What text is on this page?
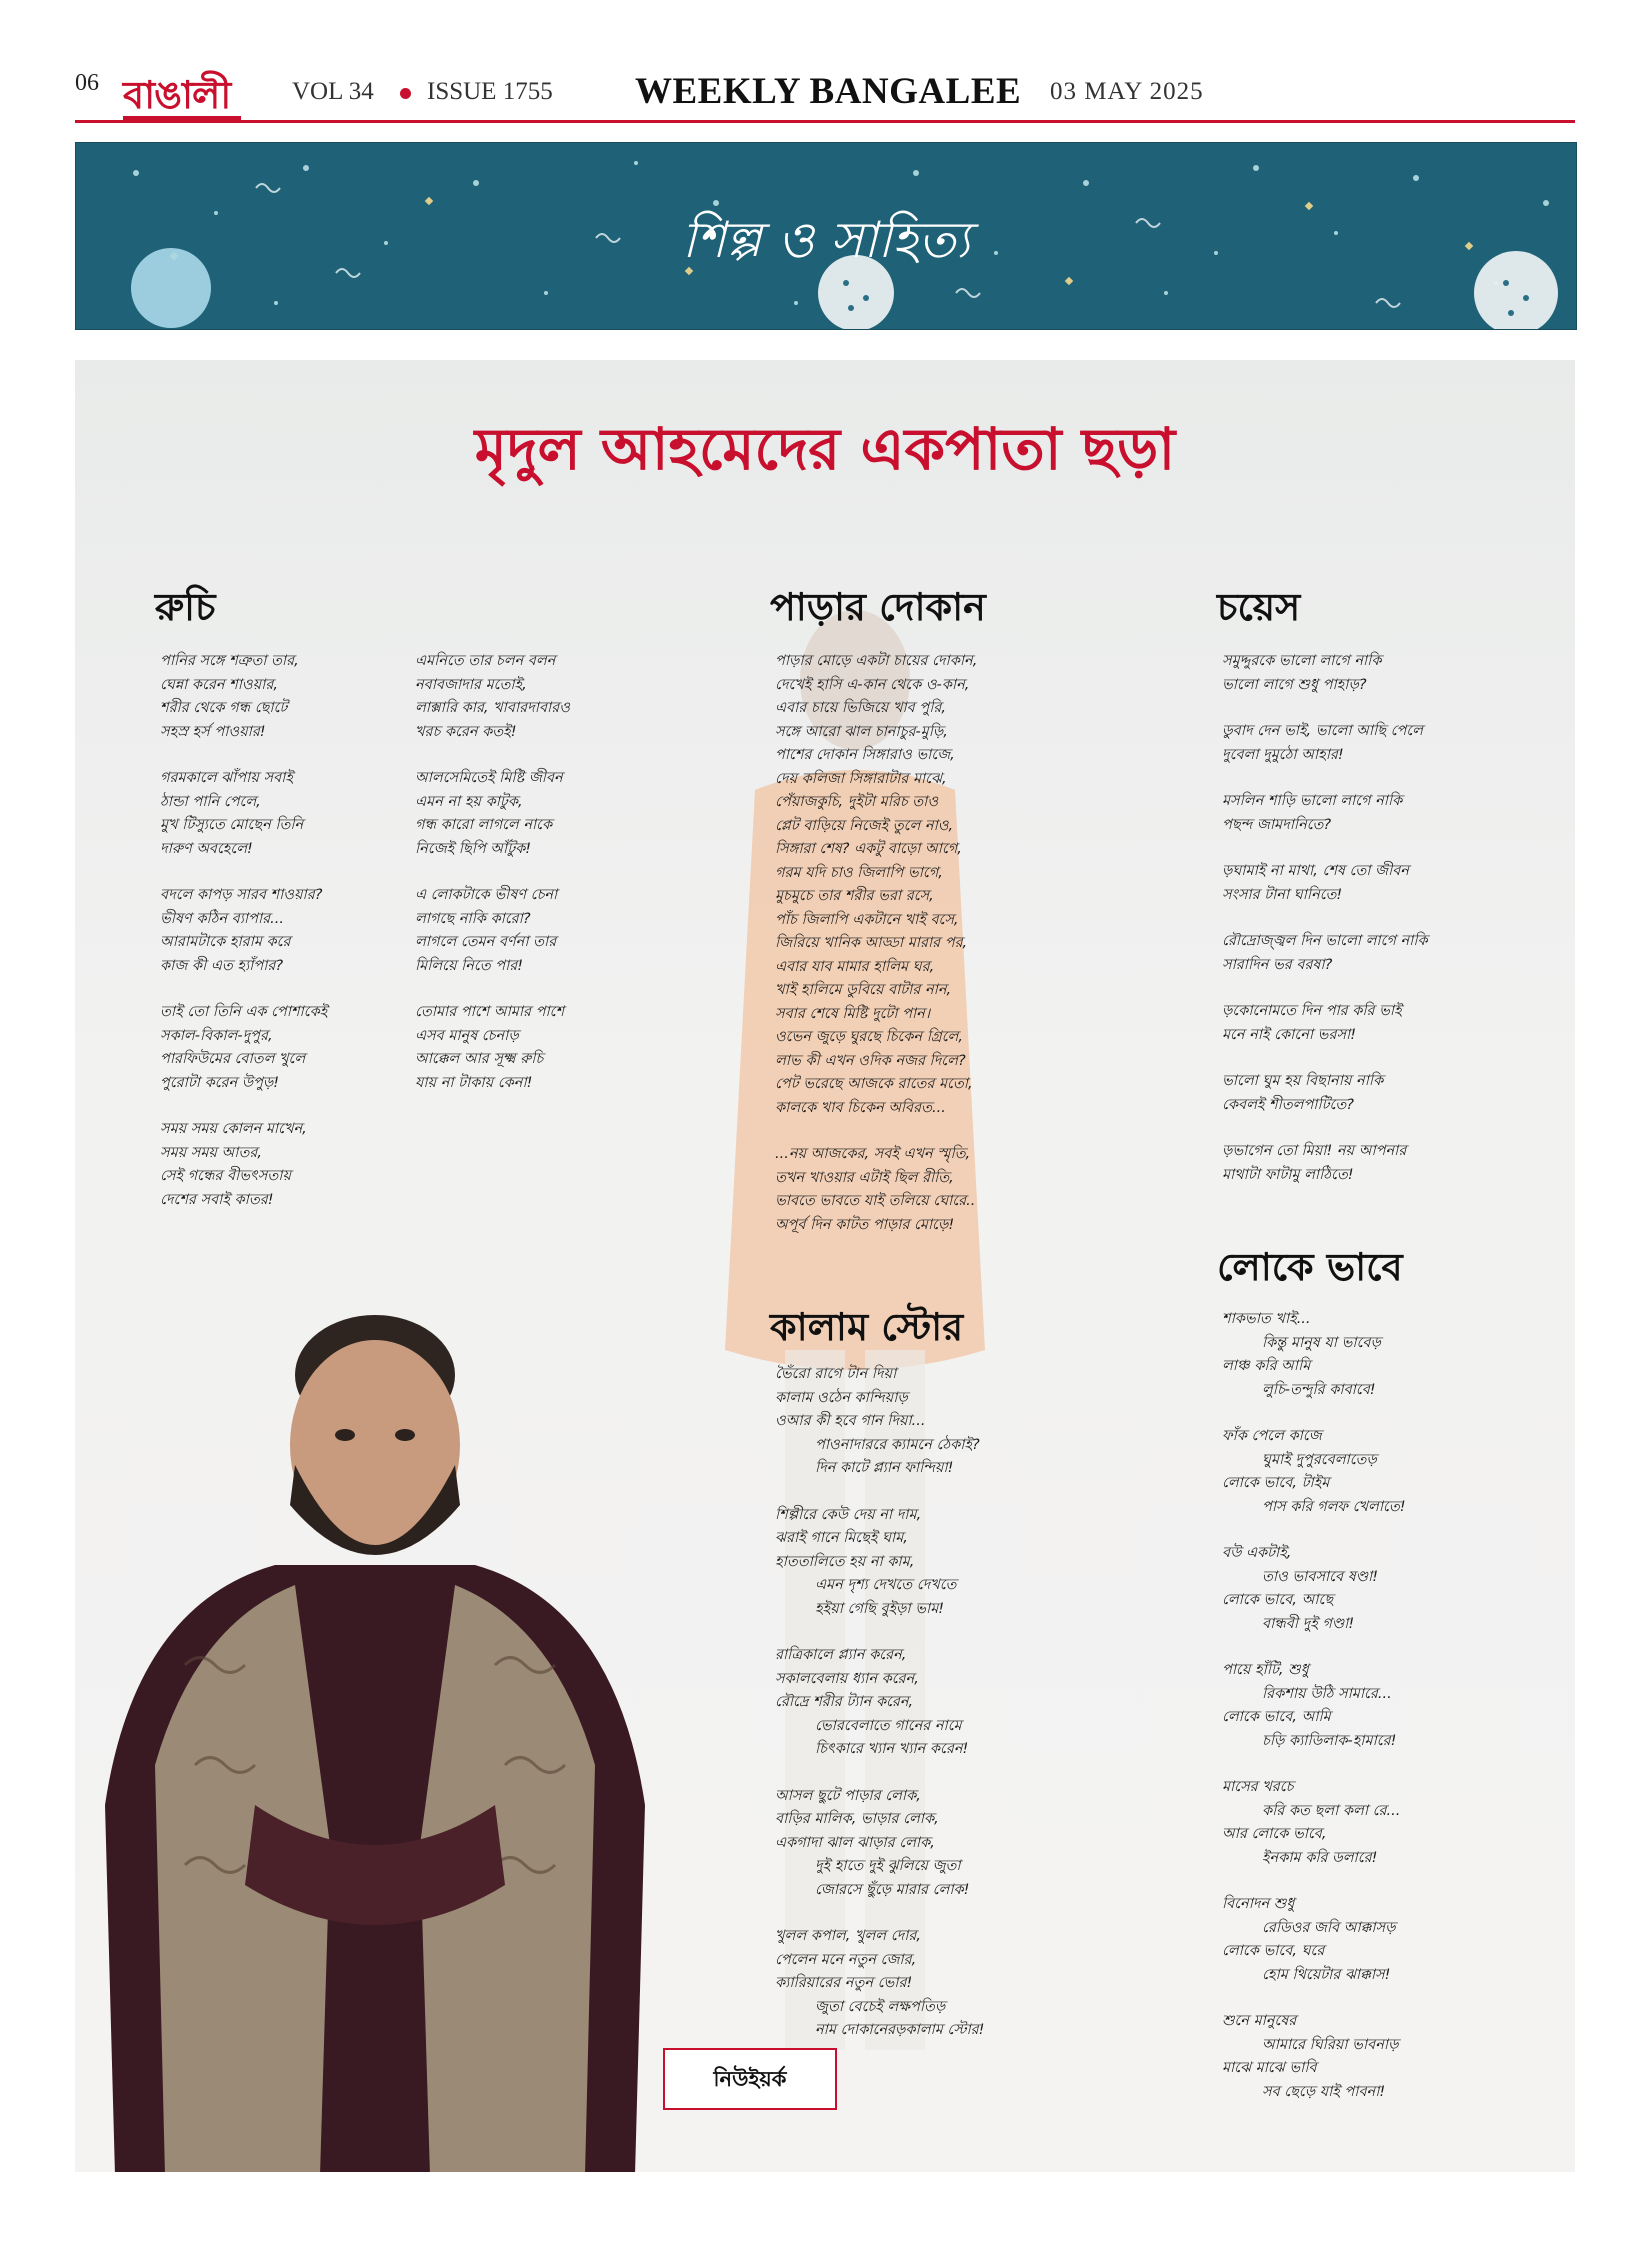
06 বাঙালী VOL 34 ISSUE 1755 WEEKLY BANGALEE 03 MAY 2025
শিল্প ও সাহিত্য
মৃদুল আহমেদের একপাতা ছড়া
রুচি	পাড়ার দোকান	চয়েস
কালাম স্টোর
লোকে ভাবে
পানির সঙ্গে শত্রুতা তার,
ঘেন্না করেন শাওয়ার,
শরীর থেকে গন্ধ ছোটে
সহস্র হর্স পাওয়ার!
গরমকালে ঝাঁপায় সবাই
ঠান্ডা পানি পেলে,
মুখ টিস্যুতে মোছেন তিনি
দারুণ অবহেলে!
বদলে কাপড় সারব শাওয়ার?
ভীষণ কঠিন ব্যাপার...
আরামটাকে হারাম করে
কাজ কী এত হ্যাঁপার?
তাই তো তিনি এক পোশাকেই
সকাল-বিকাল-দুপুর,
পারফিউমের বোতল খুলে
পুরোটা করেন উপুড়!
সময় সময় কোলন মাখেন,
সময় সময় আতর,
সেই গন্ধের বীভৎসতায়
দেশের সবাই কাতর!
এমনিতে তার চলন বলন
নবাবজাদার মতোই,
লাক্সারি কার, খাবারদাবারও
খরচ করেন কতই!
আলসেমিতেই মিষ্টি জীবন
এমন না হয় কাটুক,
গন্ধ কারো লাগলে নাকে
নিজেই ছিপি আঁটুক!
এ লোকটাকে ভীষণ চেনা
লাগছে নাকি কারো?
লাগলে তেমন বর্ণনা তার
মিলিয়ে নিতে পার!
তোমার পাশে আমার পাশে
এসব মানুষ চেনাড়
আক্কেল আর সূক্ষ্ম রুচি
যায় না টাকায় কেনা!
পাড়ার মোড়ে একটা চায়ের দোকান,
দেখেই হাসি এ-কান থেকে ও-কান,
এবার চায়ে ভিজিয়ে খাব পুরি,
সঙ্গে আরো ঝাল চানাচুর-মুড়ি,
পাশের দোকান সিঙ্গারাও ভাজে,
দেয় কলিজা সিঙ্গারাটার মাঝে,
পেঁয়াজকুচি, দুইটা মরিচ তাও
প্লেট বাড়িয়ে নিজেই তুলে নাও,
সিঙ্গারা শেষ? একটু বাড়ো আগে,
গরম যদি চাও জিলাপি ভাগে,
মুচমুচে তার শরীর ভরা রসে,
পাঁচ জিলাপি একটানে খাই বসে,
জিরিয়ে খানিক আড্ডা মারার পর,
এবার যাব মামার হালিম ঘর,
খাই হালিমে ডুবিয়ে বাটার নান,
সবার শেষে মিষ্টি দুটো পান।
ওভেন জুড়ে ঘুরছে চিকেন গ্রিলে,
লাভ কী এখন ওদিক নজর দিলে?
পেট ভরেছে আজকে রাতের মতো,
কালকে খাব চিকেন অবিরত...
...নয় আজকের, সবই এখন স্মৃতি,
তখন খাওয়ার এটাই ছিল রীতি,
ভাবতে ভাবতে যাই তলিয়ে ঘোরে..
অপূর্ব দিন কাটত পাড়ার মোড়ে!
সমুদ্দুরকে ভালো লাগে নাকি
ভালো লাগে শুধু পাহাড়?
ডুবাদ দেন ভাই, ভালো আছি পেলে
দুবেলা দুমুঠো আহার!
মসলিন শাড়ি ভালো লাগে নাকি
পছন্দ জামদানিতে?
ড়ঘামাই না মাথা, শেষ তো জীবন
সংসার টানা ঘানিতে!
রৌদ্রোজ্জ্বল দিন ভালো লাগে নাকি
সারাদিন ভর বরষা?
ড়কোনোমতে দিন পার করি ভাই
মনে নাই কোনো ভরসা!
ভালো ঘুম হয় বিছানায় নাকি
কেবলই শীতলপাটিতে?
ড়ভাগেন তো মিয়া! নয় আপনার
মাথাটা ফাটামু লাঠিতে!
ভৈঁরো রাগে টান দিয়া
কালাম ওঠেন কান্দিয়াড়
ওআর কী হবে গান দিয়া...
পাওনাদাররে ক্যামনে ঠেকাই?
দিন কাটে প্ল্যান ফান্দিয়া!
শিল্পীরে কেউ দেয় না দাম,
ঝরাই গানে মিছেই ঘাম,
হাততালিতে হয় না কাম,
এমন দৃশ্য দেখতে দেখতে
হইয়া গেছি বুইড়া ভাম!
রাত্রিকালে প্ল্যান করেন,
সকালবেলায় ধ্যান করেন,
রৌদ্রে শরীর ট্যান করেন,
ভোরবেলাতে গানের নামে
চিৎকারে খ্যান খ্যান করেন!
আসল ছুটে পাড়ার লোক,
বাড়ির মালিক, ভাড়ার লোক,
একগাদা ঝাল ঝাড়ার লোক,
দুই হাতে দুই ঝুলিয়ে জুতা
জোরসে ছুঁড়ে মারার লোক!
খুলল কপাল, খুলল দোর,
পেলেন মনে নতুন জোর,
ক্যারিয়ারের নতুন ভোর!
জুতা বেচেই লক্ষপতিড়
নাম দোকানেরড়কালাম স্টোর!
শাকভাত খাই...
কিন্তু মানুষ যা ভাবেড়
লাঞ্চ করি আমি
লুচি-তন্দুরি কাবাবে!
ফাঁক পেলে কাজে
ঘুমাই দুপুরবেলাতেড়
লোকে ভাবে, টাইম
পাস করি গলফ খেলাতে!
বউ একটাই,
তাও ভাবসাবে ষণ্ডা!
লোকে ভাবে, আছে
বান্ধবী দুই গণ্ডা!
পায়ে হাঁটি, শুধু
রিকশায় উঠি সামারে...
লোকে ভাবে, আমি
চড়ি ক্যাডিলাক-হামারে!
মাসের খরচে
করি কত ছলা কলা রে...
আর লোকে ভাবে,
ইনকাম করি ডলারে!
বিনোদন শুধু
রেডিওর জবি আক্কাসড়
লোকে ভাবে, ঘরে
হোম থিয়েটার ঝাক্কাস!
শুনে মানুষের
আমারে ঘিরিয়া ভাবনাড়
মাঝে মাঝে ভাবি
সব ছেড়ে যাই পাবনা!
নিউইয়র্ক
